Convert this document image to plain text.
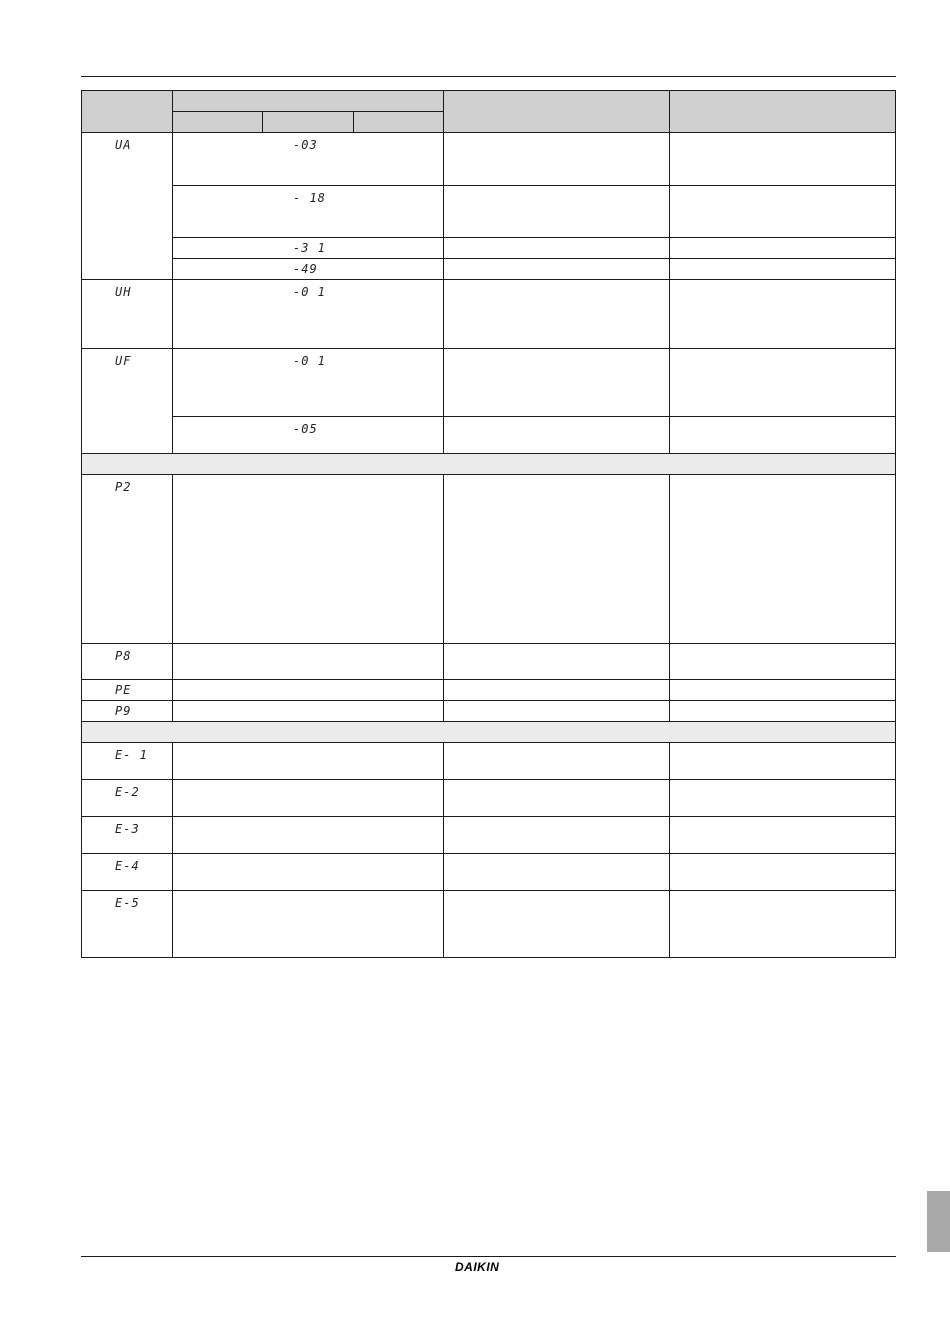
UA	-03
- 18
-3 1
-49
UH	-0 1
UF	-0 1
-05
P2
P8
PE
P9
E- 1
E-2
E-3
E-4
E-5
DAIKIN
